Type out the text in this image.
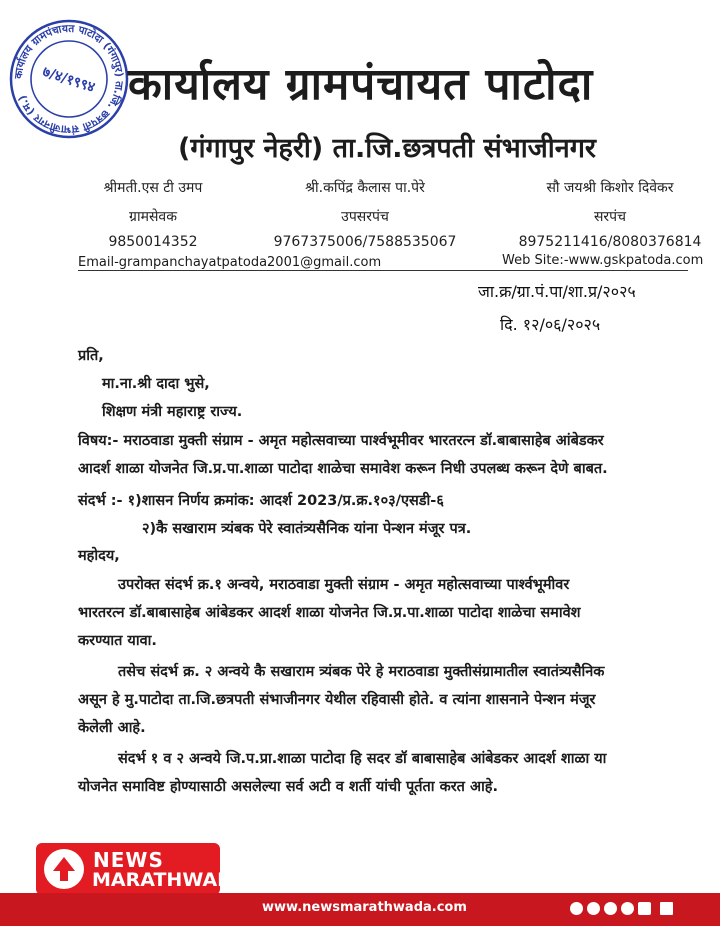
कार्यालय ग्रामपंचायत पाटोदा (गंगापुर) ता.जि. छत्रपती संभाजीनगर (म.)
७/४/१९९४ कार्यालय ग्रामपंचायत पाटोदा
(गंगापुर नेहरी) ता.जि.छत्रपती संभाजीनगर
श्रीमती.एस टी उमप	श्री.कपिंद्र कैलास पा.पेरे	सौ जयश्री किशोर दिवेकर
ग्रामसेवक	उपसरपंच	सरपंच
9850014352	9767375006/7588535067	8975211416/8080376814
Email-grampanchayatpatoda2001@gmail.com	Web Site:-www.gskpatoda.com
जा.क्र/ग्रा.पं.पा/शा.प्र/२०२५
दि. १२/०६/२०२५
प्रति,
मा.ना.श्री दादा भुसे,
शिक्षण मंत्री महाराष्ट्र राज्य.
विषय:- मराठवाडा मुक्ती संग्राम - अमृत महोत्सवाच्या पार्श्वभूमीवर भारतरत्न डॉ.बाबासाहेब आंबेडकर
आदर्श शाळा योजनेत जि.प्र.पा.शाळा पाटोदा शाळेचा समावेश करून निधी उपलब्ध करून देणे बाबत.
संदर्भ :- १)शासन निर्णय क्रमांक: आदर्श 2023/प्र.क्र.१०३/एसडी-६
२)कै सखाराम त्र्यंबक पेरे स्वातंत्र्यसैनिक यांना पेन्शन मंजूर पत्र.
महोदय,
उपरोक्त संदर्भ क्र.१ अन्वये, मराठवाडा मुक्ती संग्राम - अमृत महोत्सवाच्या पार्श्वभूमीवर
भारतरत्न डॉ.बाबासाहेब आंबेडकर आदर्श शाळा योजनेत जि.प्र.पा.शाळा पाटोदा शाळेचा समावेश
करण्यात यावा.
तसेच संदर्भ क्र. २ अन्वये कै सखाराम त्र्यंबक पेरे हे मराठवाडा मुक्तीसंग्रामातील स्वातंत्र्यसैनिक
असून हे मु.पाटोदा ता.जि.छत्रपती संभाजीनगर येथील रहिवासी होते. व त्यांना शासनाने पेन्शन मंजूर
केलेली आहे.
संदर्भ १ व २ अन्वये जि.प.प्रा.शाळा पाटोदा हि सदर डॉ बाबासाहेब आंबेडकर आदर्श शाळा या
योजनेत समाविष्ट होण्यासाठी असलेल्या सर्व अटी व शर्ती यांची पूर्तता करत आहे.
NEWS
MARATHWADA
www.newsmarathwada.com
